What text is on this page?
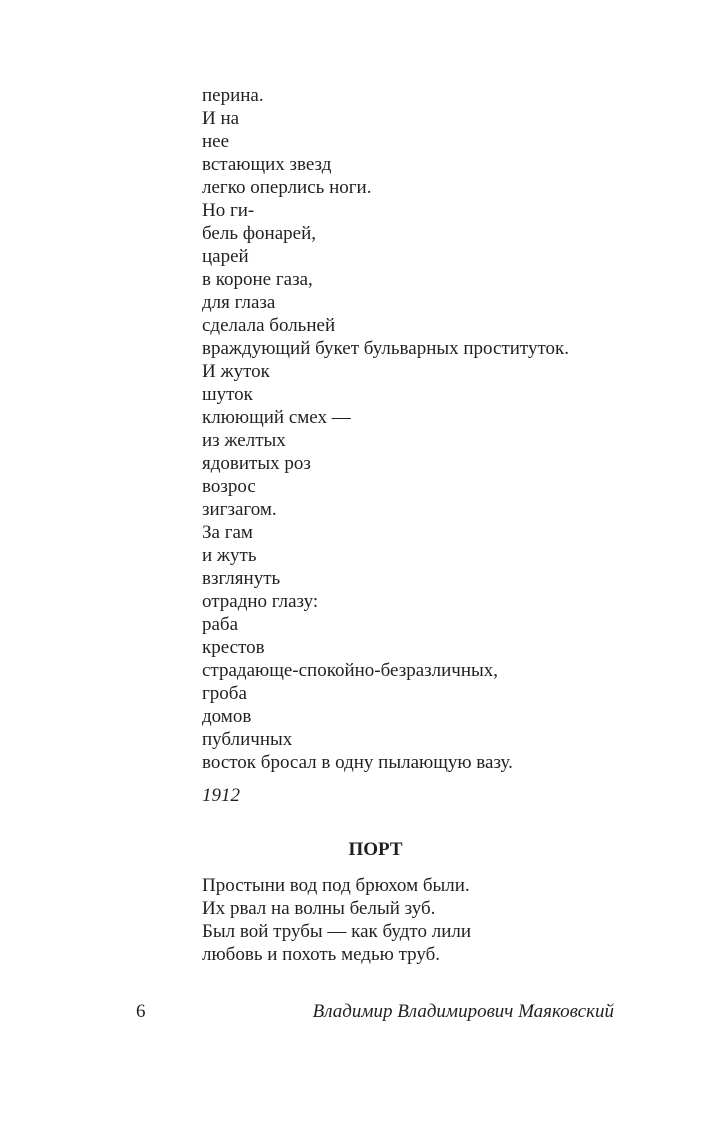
перина.
И на
нее
встающих звезд
легко оперлись ноги.
Но ги-
бель фонарей,
царей
в короне газа,
для глаза
сделала больней
враждующий букет бульварных проституток.
И жуток
шуток
клюющий смех —
из желтых
ядовитых роз
возрос
зигзагом.
За гам
и жуть
взглянуть
отрадно глазу:
раба
крестов
страдающе-спокойно-безразличных,
гроба
домов
публичных
восток бросал в одну пылающую вазу.
1912
ПОРТ
Простыни вод под брюхом были.
Их рвал на волны белый зуб.
Был вой трубы — как будто лили
любовь и похоть медью труб.
6	Владимир Владимирович Маяковский
